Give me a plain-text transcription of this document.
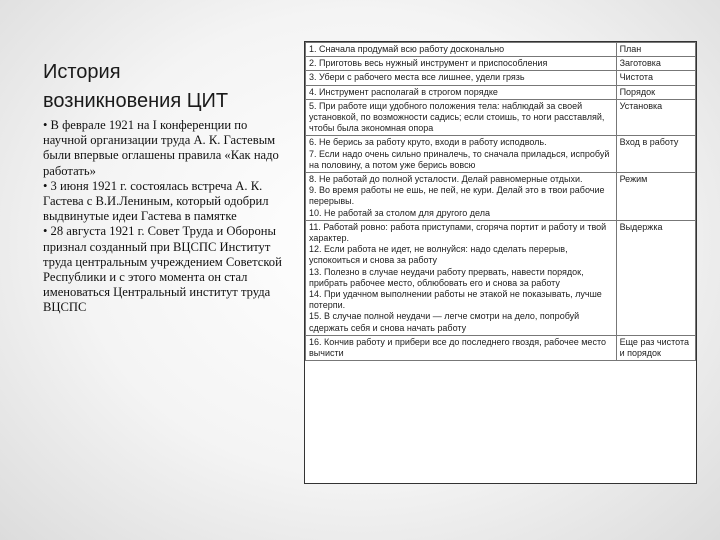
История
возникновения ЦИТ

• В феврале 1921 на I конференции по научной организации труда А. К. Гастевым были впервые оглашены правила «Как надо работать»

• 3 июня 1921 г. состоялась встреча А. К. Гастева с В.И.Лениным, который одобрил выдвинутые идеи Гастева в памятке

• 28 августа 1921 г. Совет Труда и Обороны признал созданный при ВЦСПС Институт труда центральным учреждением Советской Республики и с этого момента он стал именоваться Центральный институт труда ВЦСПС

1. Сначала продумай всю работу досконально	План

2. Приготовь весь нужный инструмент и приспособления	Заготовка

3. Убери с рабочего места все лишнее, удели грязь	Чистота

4. Инструмент располагай в строгом порядке	Порядок

5. При работе ищи удобного положения тела: наблюдай за своей установкой, по возможности садись; если стоишь, то ноги расставляй, чтобы была экономная опора	Установка

6. Не берись за работу круто, входи в работу исподволь.
7. Если надо очень сильно приналечь, то сначала приладься, иcпробуй на половину, а потом уже берись вовсю	Вход в работу

8. Не работай до полной усталости. Делай равномерные отдыхи.
9. Во время работы не ешь, не пей, не кури. Делай это в твои рабочие перерывы.
10. Не работай за столом для другого дела	Режим

11. Работай ровно: работа приступами, сгоряча портит и работу и твой характер.
12. Если работа не идет, не волнуйся: надо сделать перерыв, успокоиться и снова за работу
13. Полезно в случае неудачи работу прервать, навести порядок, прибрать рабочее место, облюбовать его и снова за работу
14. При удачном выполнении работы не этакой не показывать, лучше потерпи.
15. В случае полной неудачи — легче смотри на дело, попробуй сдержать себя и снова начать работу	Выдержка

16. Кончив работу и прибери все до последнего гвоздя, рабочее место вычисти	Еще раз чистота и порядок
